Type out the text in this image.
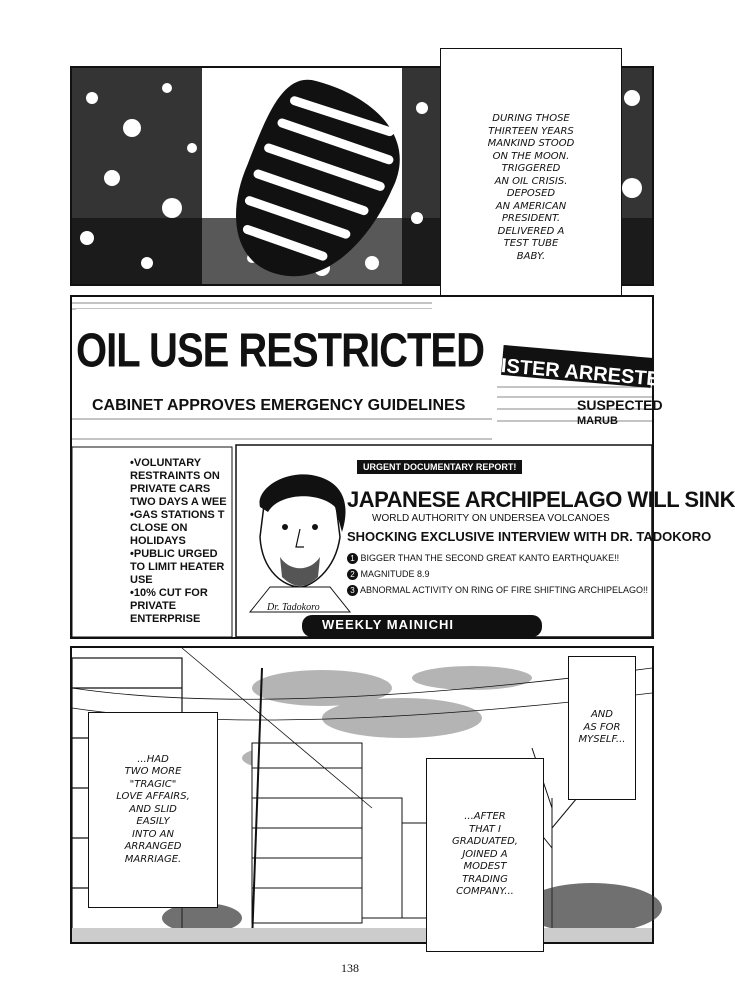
DURING THOSE
THIRTEEN YEARS
MANKIND STOOD
ON THE MOON.
TRIGGERED
AN OIL CRISIS.
DEPOSED
AN AMERICAN
PRESIDENT.
DELIVERED A
TEST TUBE
BABY.
OIL USE RESTRICTED
CABINET APPROVES EMERGENCY GUIDELINES
ISTER ARRESTED
SUSPECTED
MARUB
•VOLUNTARY
RESTRAINTS ON
PRIVATE CARS
TWO DAYS A WEE
•GAS STATIONS T
CLOSE ON
HOLIDAYS
•PUBLIC URGED
TO LIMIT HEATER
USE
•10% CUT FOR
PRIVATE
ENTERPRISE
URGENT DOCUMENTARY REPORT!
JAPANESE ARCHIPELAGO WILL SINK
WORLD AUTHORITY ON UNDERSEA VOLCANOES
SHOCKING EXCLUSIVE INTERVIEW WITH DR. TADOKORO
1 BIGGER THAN THE SECOND GREAT KANTO EARTHQUAKE!!
2 MAGNITUDE 8.9
3 ABNORMAL ACTIVITY ON RING OF FIRE SHIFTING ARCHIPELAGO!!
Dr. Tadokoro
WEEKLY MAINICHI
...HAD
TWO MORE
"TRAGIC"
LOVE AFFAIRS,
AND SLID
EASILY
INTO AN
ARRANGED
MARRIAGE.
...AFTER
THAT I
GRADUATED,
JOINED A
MODEST
TRADING
COMPANY...
AND
AS FOR
MYSELF...
138
